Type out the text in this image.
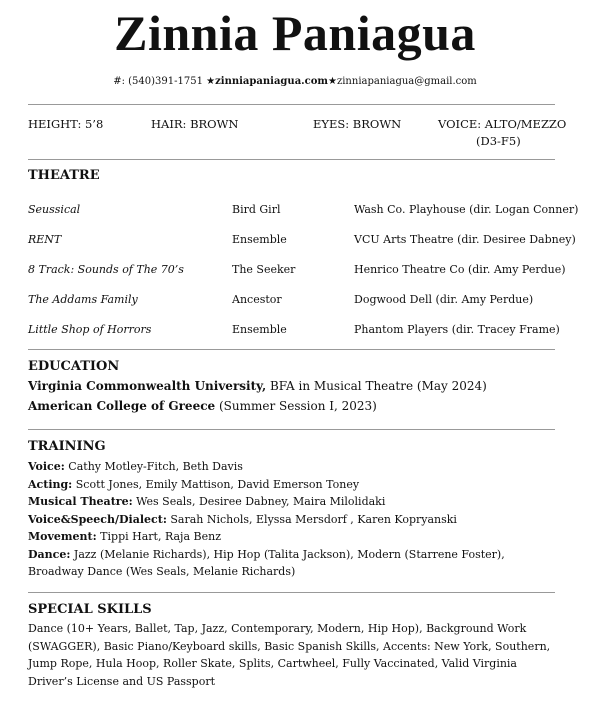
Zinnia Paniagua
#: (540)391-1751 ★zinniapaniagua.com★zinniapaniagua@gmail.com
HEIGHT: 5’8	HAIR: BROWN	EYES: BROWN	VOICE: ALTO/MEZZO
(D3-F5)
THEATRE
Seussical	Bird Girl	Wash Co. Playhouse (dir. Logan Conner)
RENT	Ensemble	VCU Arts Theatre (dir. Desiree Dabney)
8 Track: Sounds of The 70’s	The Seeker	Henrico Theatre Co (dir. Amy Perdue)
The Addams Family	Ancestor	Dogwood Dell (dir. Amy Perdue)
Little Shop of Horrors	Ensemble	Phantom Players (dir. Tracey Frame)
EDUCATION
Virginia Commonwealth University, BFA in Musical Theatre (May 2024)
American College of Greece (Summer Session I, 2023)
TRAINING
Voice: Cathy Motley-Fitch, Beth Davis
Acting: Scott Jones, Emily Mattison, David Emerson Toney
Musical Theatre: Wes Seals, Desiree Dabney, Maira Milolidaki
Voice&Speech/Dialect: Sarah Nichols, Elyssa Mersdorf , Karen Kopryanski
Movement: Tippi Hart, Raja Benz
Dance: Jazz (Melanie Richards), Hip Hop (Talita Jackson), Modern (Starrene Foster), Broadway Dance (Wes Seals, Melanie Richards)
SPECIAL SKILLS
Dance (10+ Years, Ballet, Tap, Jazz, Contemporary, Modern, Hip Hop), Background Work (SWAGGER), Basic Piano/Keyboard skills, Basic Spanish Skills, Accents: New York, Southern, Jump Rope, Hula Hoop, Roller Skate, Splits, Cartwheel, Fully Vaccinated, Valid Virginia Driver’s License and US Passport
